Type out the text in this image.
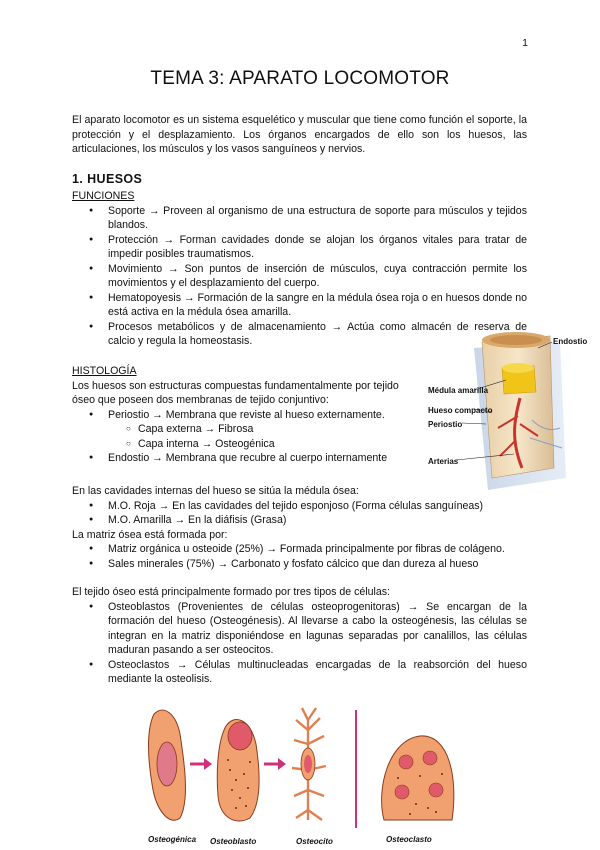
1
TEMA 3: APARATO LOCOMOTOR
El aparato locomotor es un sistema esquelético y muscular que tiene como función el soporte, la protección y el desplazamiento. Los órganos encargados de ello son los huesos, las articulaciones, los músculos y los vasos sanguíneos y nervios.
1. HUESOS
FUNCIONES
● Soporte → Proveen al organismo de una estructura de soporte para músculos y tejidos blandos.
● Protección → Forman cavidades donde se alojan los órganos vitales para tratar de impedir posibles traumatismos.
● Movimiento → Son puntos de inserción de músculos, cuya contracción permite los movimientos y el desplazamiento del cuerpo.
● Hematopoyesis → Formación de la sangre en la médula ósea roja o en huesos donde no está activa en la médula ósea amarilla.
● Procesos metabólicos y de almacenamiento → Actúa como almacén de reserva de calcio y regula la homeostasis.
HISTOLOGÍA
Los huesos son estructuras compuestas fundamentalmente por tejido óseo que poseen dos membranas de tejido conjuntivo:
● Periostio → Membrana que reviste al hueso externamente.
○ Capa externa → Fibrosa
○ Capa interna → Osteogénica
● Endostio → Membrana que recubre al cuerpo internamente
Endostio
Médula amarilla
Hueso compacto
Periostio
Arterias
En las cavidades internas del hueso se sitúa la médula ósea:
● M.O. Roja → En las cavidades del tejido esponjoso (Forma células sanguíneas)
● M.O. Amarilla → En la diáfisis (Grasa)
La matriz ósea está formada por:
● Matriz orgánica u osteoide (25%) → Formada principalmente por fibras de colágeno.
● Sales minerales (75%) → Carbonato y fosfato cálcico que dan dureza al hueso
El tejido óseo está principalmente formado por tres tipos de células:
● Osteoblastos (Provenientes de células osteoprogenitoras) → Se encargan de la formación del hueso (Osteogénesis). Al llevarse a cabo la osteogénesis, las células se integran en la matriz disponiéndose en lagunas separadas por canalillos, las células maduran pasando a ser osteocitos.
● Osteoclastos → Células multinucleadas encargadas de la reabsorción del hueso mediante la osteolisis.
Osteogénica Osteoblasto	Osteocito	Osteoclasto
